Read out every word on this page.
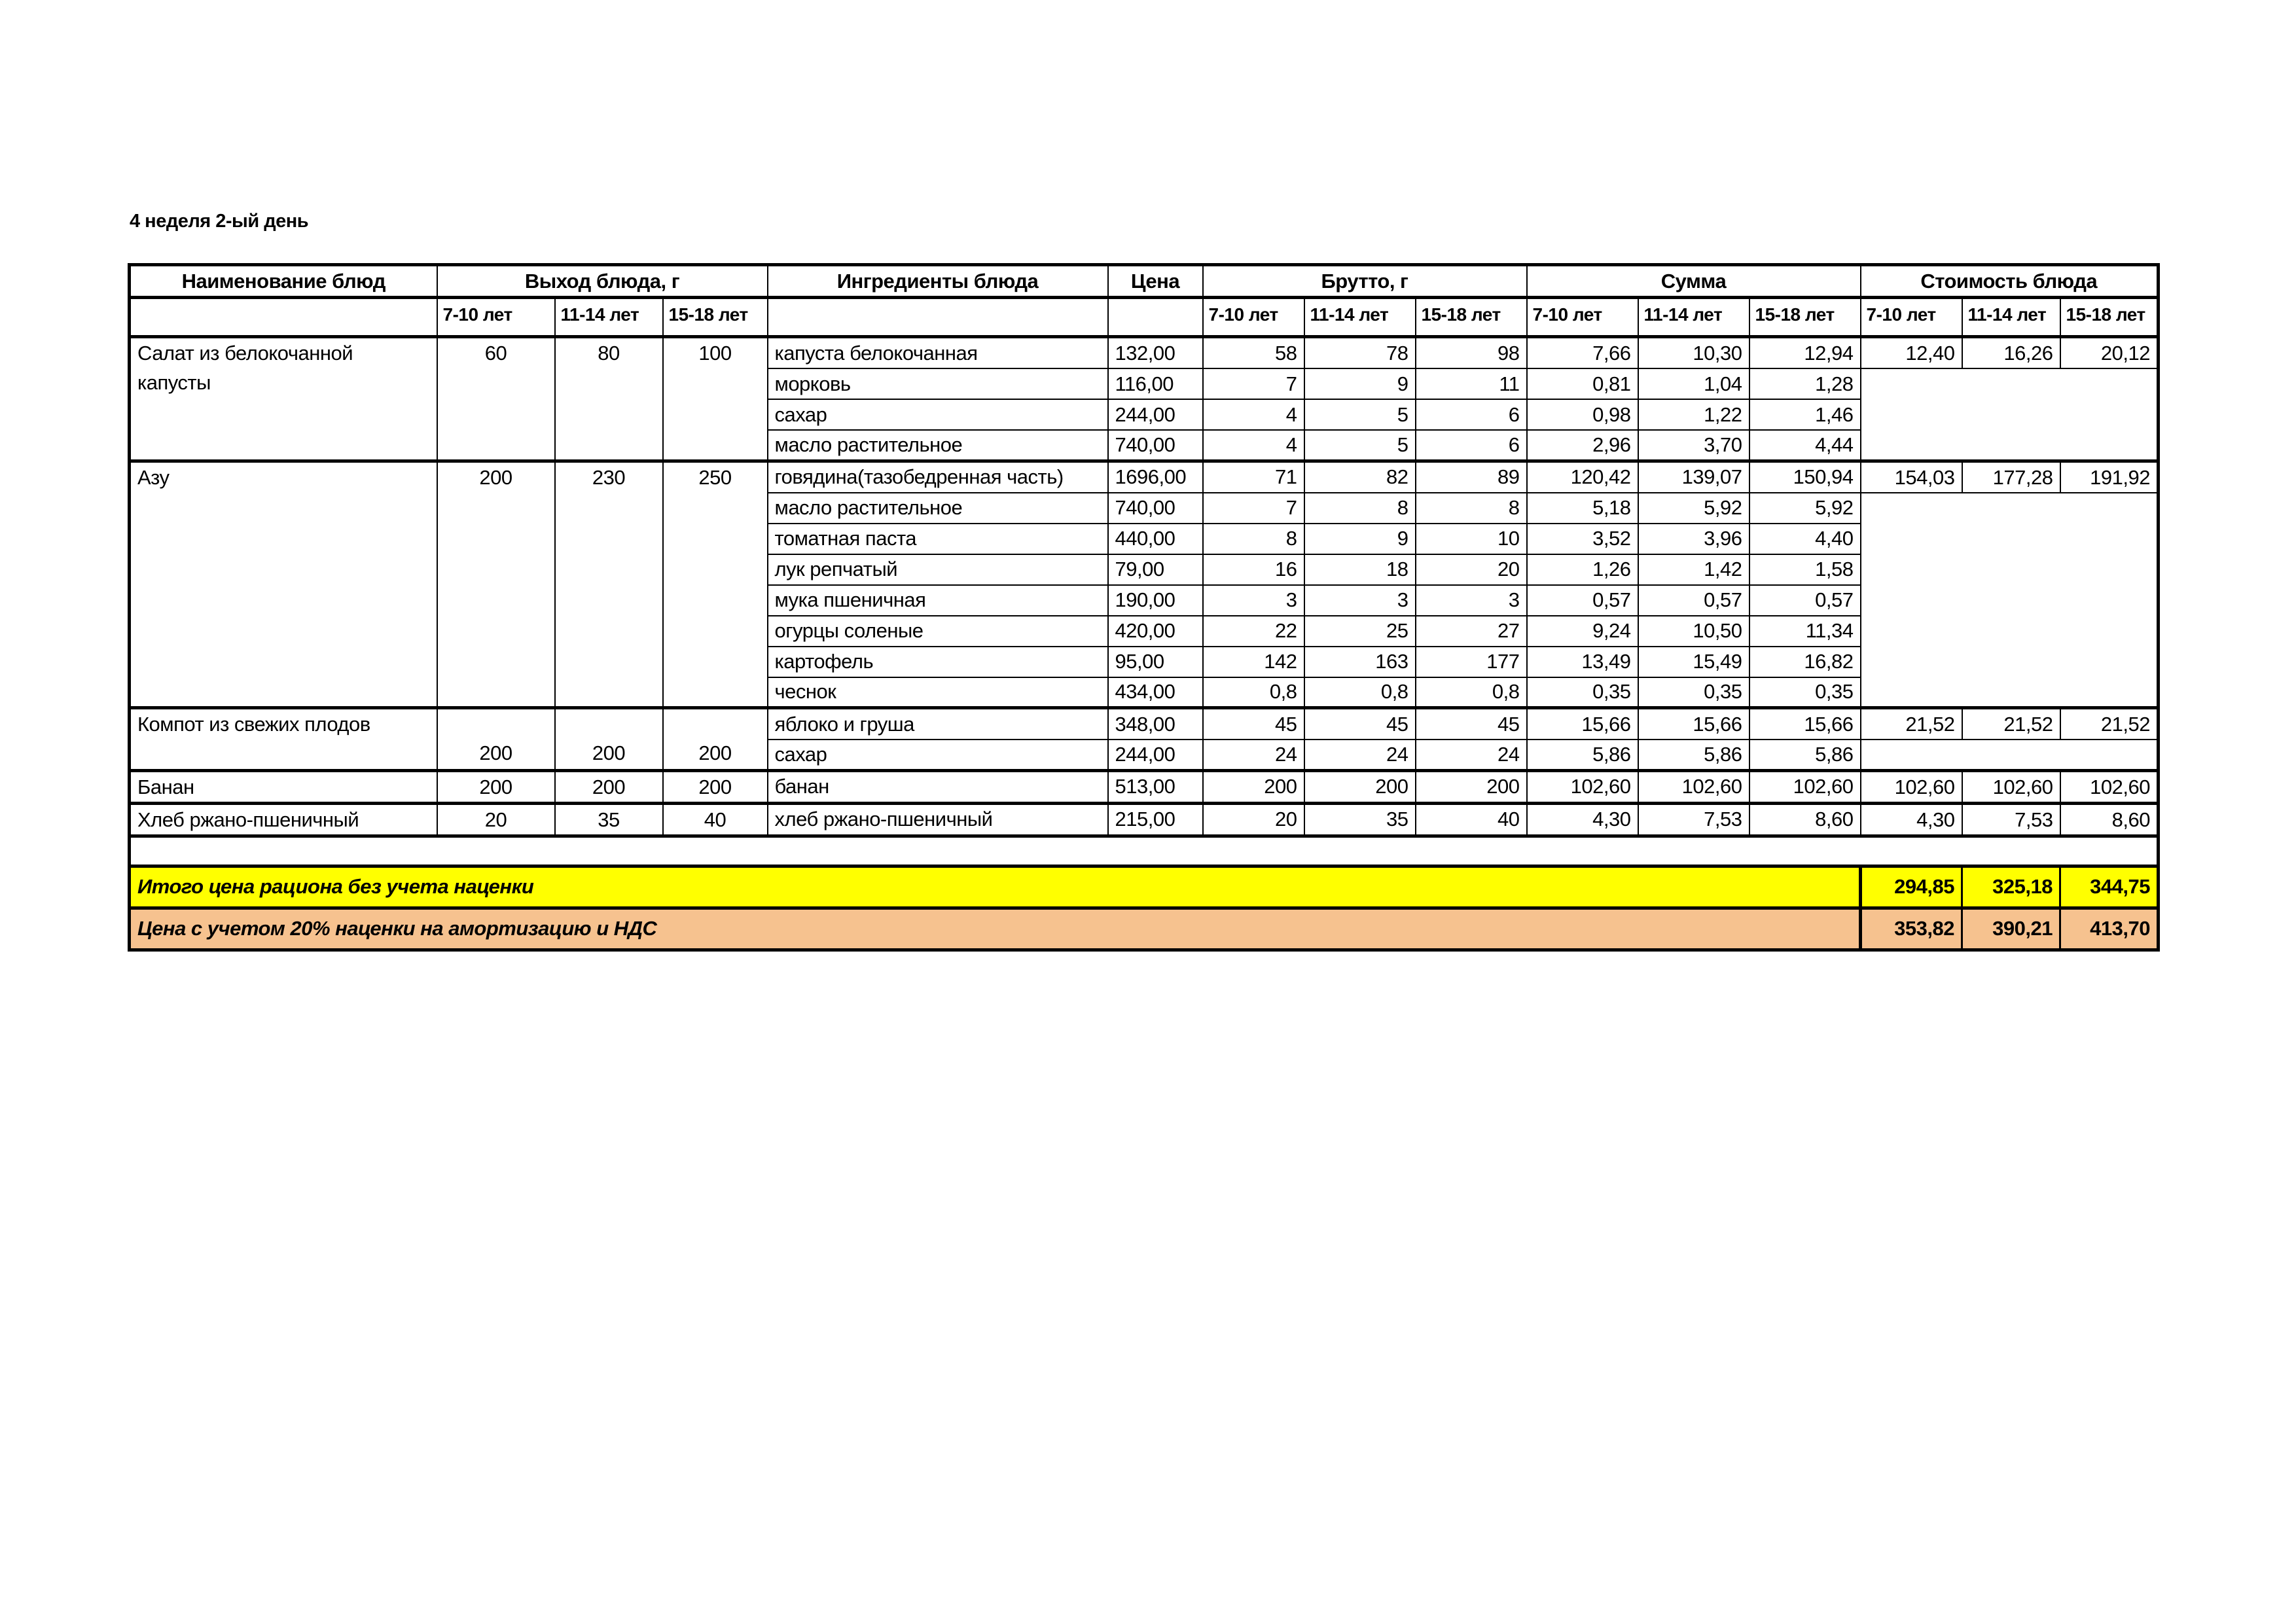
4 неделя 2-ый день
Наименование блюд	Выход блюда, г			Ингредиенты блюда	Цена	Брутто, г			Сумма			Стоимость блюда		
	7-10 лет	11-14 лет	15-18 лет			7-10 лет	11-14 лет	15-18 лет	7-10 лет	11-14 лет	15-18 лет	7-10 лет	11-14 лет	15-18 лет
Салат из белокочанной капусты	60	80	100	капуста белокочанная	132,00	58	78	98	7,66	10,30	12,94	12,40	16,26	20,12
				морковь	116,00	7	9	11	0,81	1,04	1,28			
				сахар	244,00	4	5	6	0,98	1,22	1,46			
				масло растительное	740,00	4	5	6	2,96	3,70	4,44			
Азу	200	230	250	говядина(тазобедренная часть)	1696,00	71	82	89	120,42	139,07	150,94	154,03	177,28	191,92
				масло растительное	740,00	7	8	8	5,18	5,92	5,92			
				томатная паста	440,00	8	9	10	3,52	3,96	4,40			
				лук репчатый	79,00	16	18	20	1,26	1,42	1,58			
				мука пшеничная	190,00	3	3	3	0,57	0,57	0,57			
				огурцы соленые	420,00	22	25	27	9,24	10,50	11,34			
				картофель	95,00	142	163	177	13,49	15,49	16,82			
				чеснок	434,00	0,8	0,8	0,8	0,35	0,35	0,35			
Компот из свежих плодов	200	200	200	яблоко и груша	348,00	45	45	45	15,66	15,66	15,66	21,52	21,52	21,52
				сахар	244,00	24	24	24	5,86	5,86	5,86			
Банан	200	200	200	банан	513,00	200	200	200	102,60	102,60	102,60	102,60	102,60	102,60
Хлеб ржано-пшеничный	20	35	40	хлеб ржано-пшеничный	215,00	20	35	40	4,30	7,53	8,60	4,30	7,53	8,60

Итого цена рациона без учета наценки												294,85	325,18	344,75
Цена с учетом 20% наценки на амортизацию и НДС												353,82	390,21	413,70
